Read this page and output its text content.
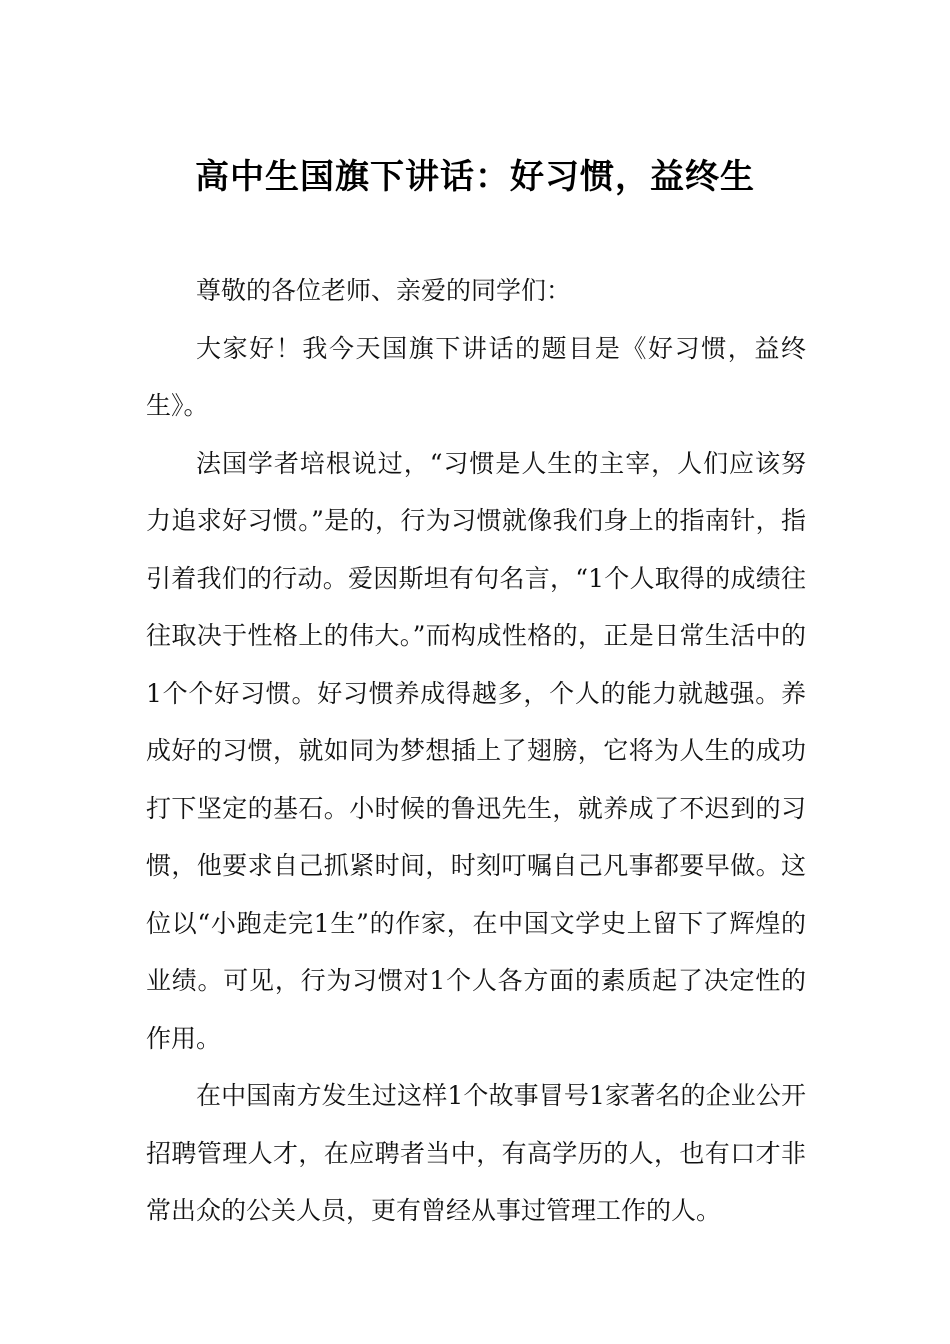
高中生国旗下讲话：好习惯，益终生

尊敬的各位老师、亲爱的同学们：

大家好！我今天国旗下讲话的题目是《好习惯，益终生》。

法国学者培根说过，“习惯是人生的主宰，人们应该努力追求好习惯。”是的，行为习惯就像我们身上的指南针，指引着我们的行动。爱因斯坦有句名言，“1个人取得的成绩往往取决于性格上的伟大。”而构成性格的，正是日常生活中的1个个好习惯。好习惯养成得越多，个人的能力就越强。养成好的习惯，就如同为梦想插上了翅膀，它将为人生的成功打下坚定的基石。小时候的鲁迅先生，就养成了不迟到的习惯，他要求自己抓紧时间，时刻叮嘱自己凡事都要早做。这位以“小跑走完1生”的作家，在中国文学史上留下了辉煌的业绩。可见，行为习惯对1个人各方面的素质起了决定性的作用。

在中国南方发生过这样1个故事冒号1家著名的企业公开招聘管理人才，在应聘者当中，有高学历的人，也有口才非常出众的公关人员，更有曾经从事过管理工作的人。
